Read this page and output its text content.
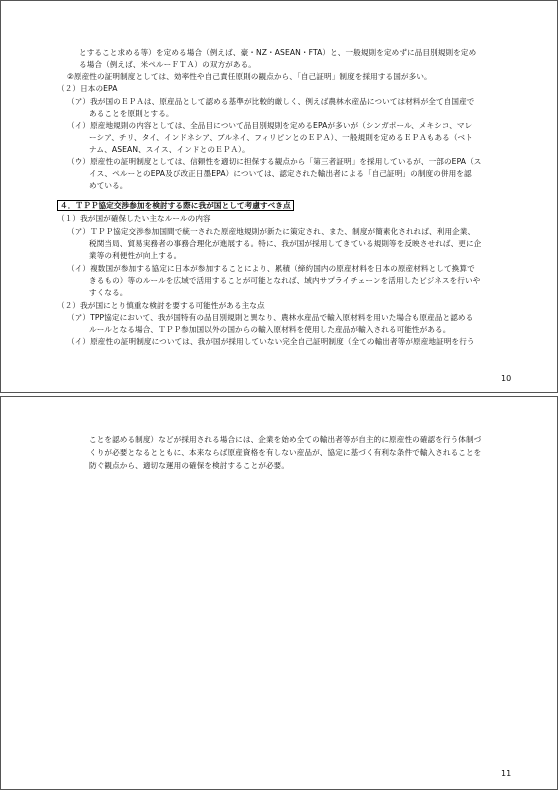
とすること求める等）を定める場合（例えば、豪・NZ・ASEAN・FTA）と、一般規則を定めずに品目別規則を定め
る場合（例えば、米ペルーＦＴＡ）の双方がある。
②原産性の証明制度としては、効率性や自己責任原則の観点から、「自己証明」制度を採用する国が多い。
（２）日本のEPA
（ア）我が国のＥＰＡは、原産品として認める基準が比較的厳しく、例えば農林水産品については材料が全て自国産で
あることを原則とする。
（イ）原産地規則の内容としては、全品目について品目別規則を定めるEPAが多いが（シンガポール、メキシコ、マレ
ーシア、チリ、タイ、インドネシア、ブルネイ、フィリピンとのＥＰＡ）、一般規則を定めるＥＰＡもある（ベト
ナム、ASEAN、スイス、インドとのＥＰＡ）。
（ウ）原産性の証明制度としては、信頼性を適切に担保する観点から「第三者証明」を採用しているが、一部のEPA（ス
イス、ペルーとのEPA及び改正日墨EPA）については、認定された輸出者による「自己証明」の制度の併用を認
めている。
４．ＴＰＰ協定交渉参加を検討する際に我が国として考慮すべき点
（１）我が国が確保したい主なルールの内容
（ア）ＴＰＰ協定交渉参加国間で統一された原産地規則が新たに策定され、また、制度が簡素化されれば、利用企業、
税関当局、貿易実務者の事務合理化が進展する。特に、我が国が採用してきている規則等を反映させれば、更に企
業等の利便性が向上する。
（イ）複数国が参加する協定に日本が参加することにより、累積（締約国内の原産材料を日本の原産材料として換算で
きるもの）等のルールを広域で活用することが可能となれば、域内サプライチェーンを活用したビジネスを行いや
すくなる。
（２）我が国にとり慎重な検討を要する可能性がある主な点
（ア）TPP協定において、我が国特有の品目別規則と異なり、農林水産品で輸入原材料を用いた場合も原産品と認める
ルールとなる場合、ＴＰＰ参加国以外の国からの輸入原材料を使用した産品が輸入される可能性がある。
（イ）原産性の証明制度については、我が国が採用していない完全自己証明制度（全ての輸出者等が原産地証明を行う
10
ことを認める制度）などが採用される場合には、企業を始め全ての輸出者等が自主的に原産性の確認を行う体制づ
くりが必要となるとともに、本来ならば原産資格を有しない産品が、協定に基づく有利な条件で輸入されることを
防ぐ観点から、適切な運用の確保を検討することが必要。
11
